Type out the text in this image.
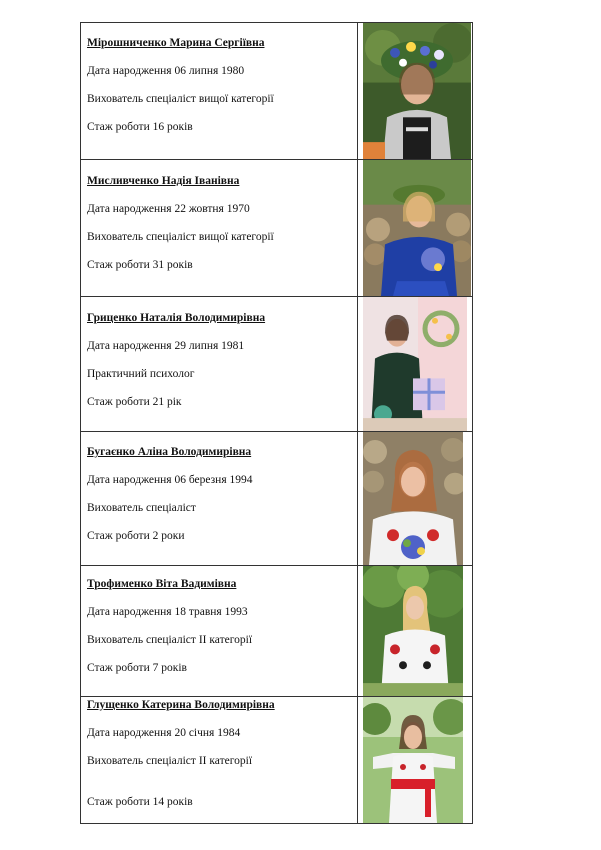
Мірошниченко Марина Сергіївна
Дата народження 06 липня 1980
Вихователь спеціаліст вищої категорії
Стаж роботи 16 років
Мисливченко Надія Іванівна
Дата народження 22 жовтня 1970
Вихователь спеціаліст вищої категорії
Стаж роботи 31 років
Гриценко Наталія Володимирівна
Дата народження 29 липня 1981
Практичний психолог
Стаж роботи 21 рік
Бугаєнко Аліна Володимирівна
Дата народження 06 березня 1994
Вихователь спеціаліст
Стаж роботи 2 роки
Трофименко Віта Вадимівна
Дата народження 18 травня 1993
Вихователь спеціаліст ІІ категорії
Стаж роботи 7 років
Глущенко Катерина Володимирівна
Дата народження 20 січня 1984
Вихователь спеціаліст ІІ категорії
Стаж роботи 14 років
